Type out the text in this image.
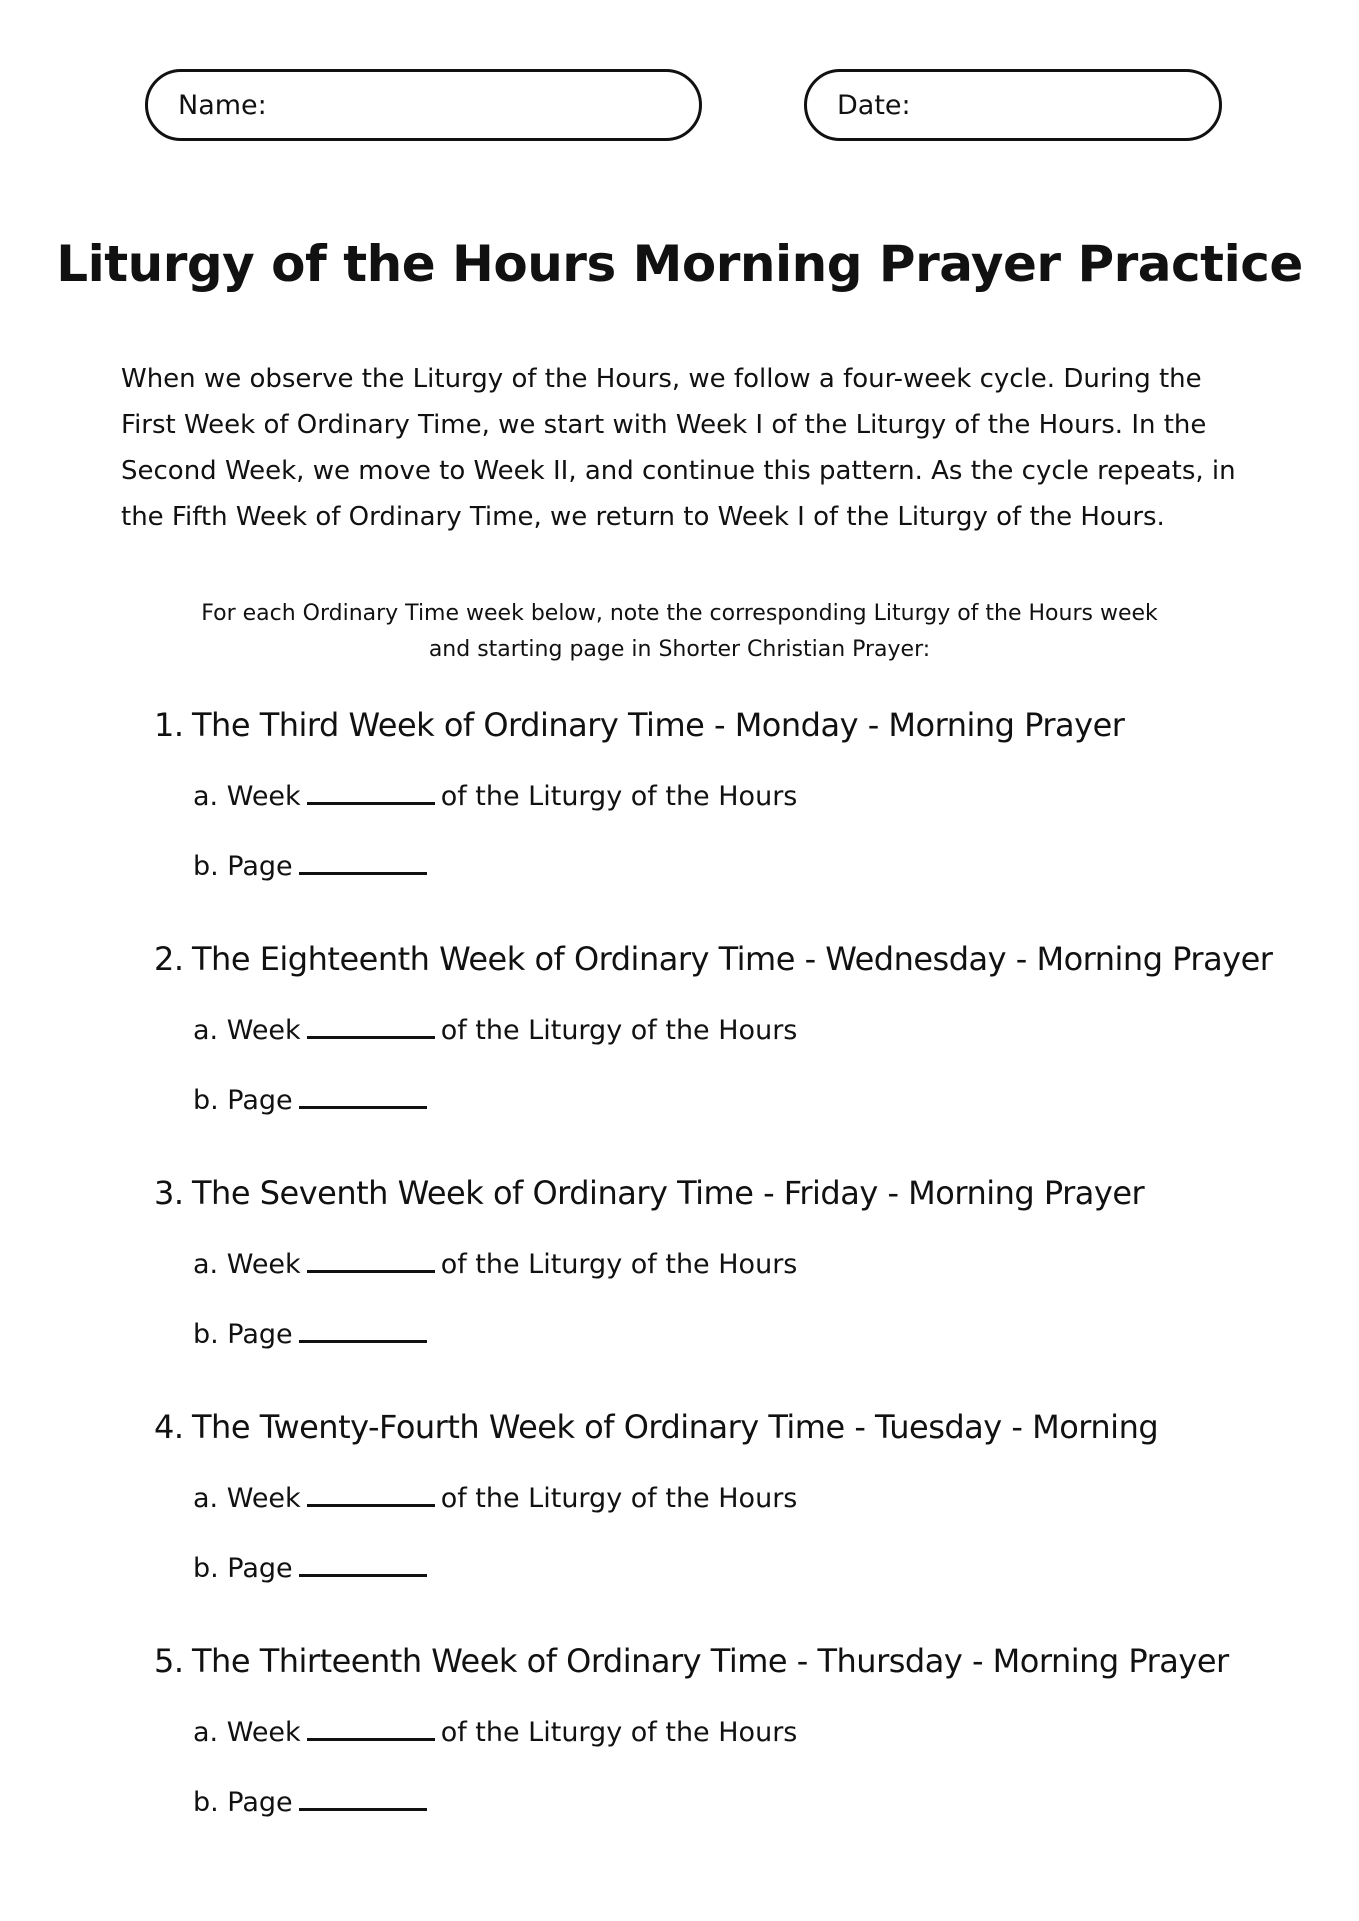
Name:	Date:
Liturgy of the Hours Morning Prayer Practice

When we observe the Liturgy of the Hours, we follow a four-week cycle. During the First Week of Ordinary Time, we start with Week I of the Liturgy of the Hours. In the Second Week, we move to Week II, and continue this pattern. As the cycle repeats, in the Fifth Week of Ordinary Time, we return to Week I of the Liturgy of the Hours.

For each Ordinary Time week below, note the corresponding Liturgy of the Hours week
and starting page in Shorter Christian Prayer:

1. The Third Week of Ordinary Time - Monday - Morning Prayer
a. Week	of the Liturgy of the Hours
b. Page
2. The Eighteenth Week of Ordinary Time - Wednesday - Morning Prayer
a. Week	of the Liturgy of the Hours
b. Page
3. The Seventh Week of Ordinary Time - Friday - Morning Prayer
a. Week	of the Liturgy of the Hours
b. Page
4. The Twenty-Fourth Week of Ordinary Time - Tuesday - Morning
a. Week	of the Liturgy of the Hours
b. Page
5. The Thirteenth Week of Ordinary Time - Thursday - Morning Prayer
a. Week	of the Liturgy of the Hours
b. Page
